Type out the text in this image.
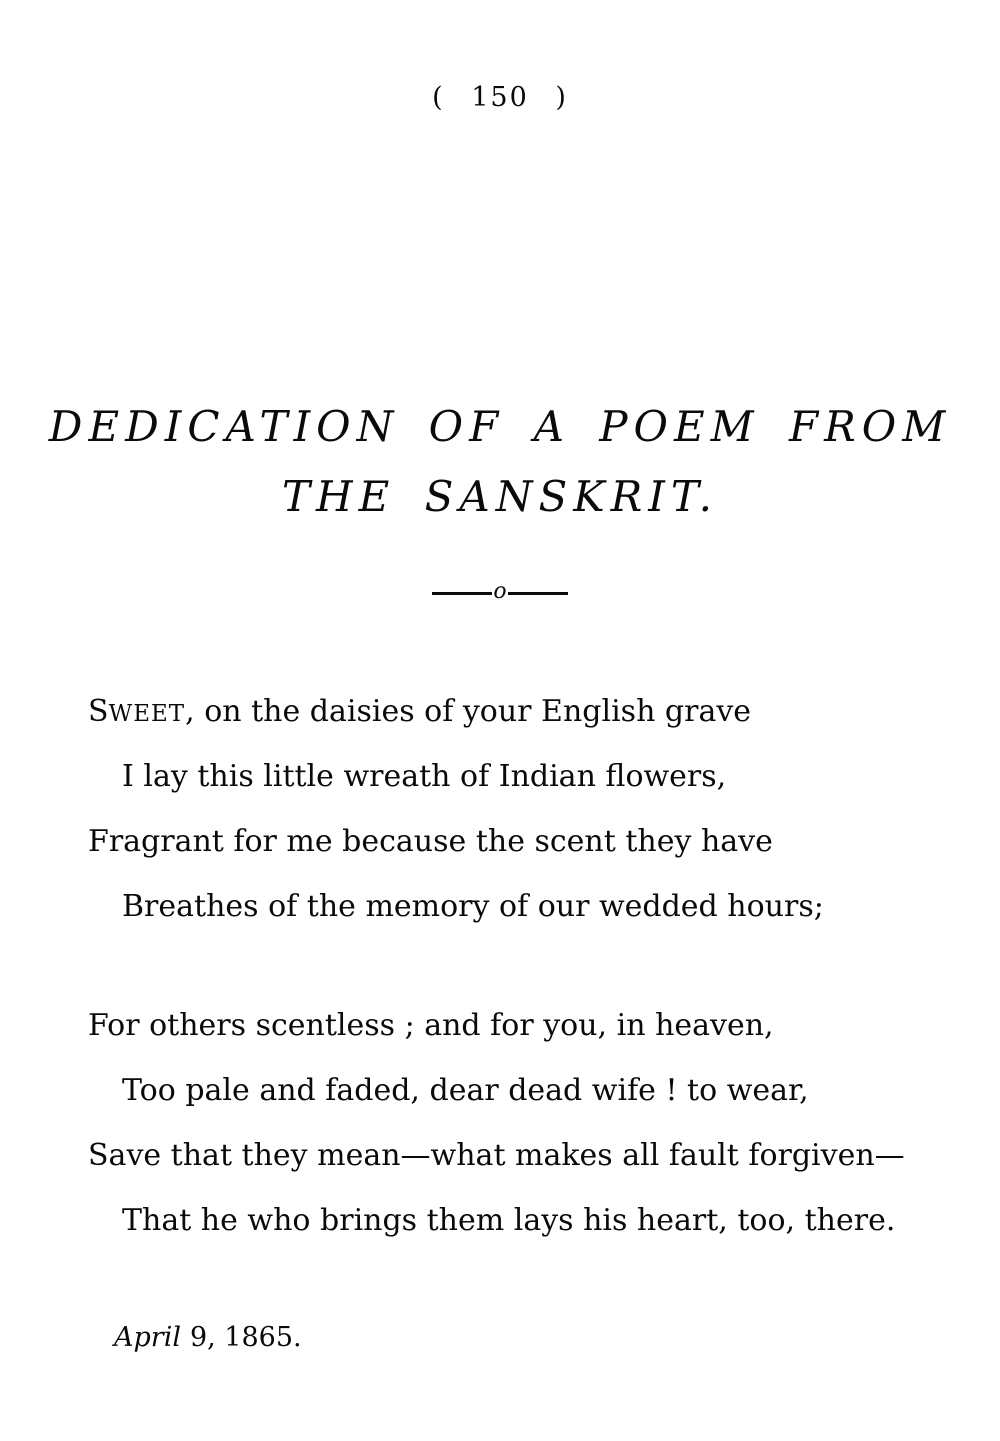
( 150 )
DEDICATION OF A POEM FROM
THE SANSKRIT.
o
SWEET, on the daisies of your English grave
I lay this little wreath of Indian flowers,
Fragrant for me because the scent they have
Breathes of the memory of our wedded hours;
For others scentless ; and for you, in heaven,
Too pale and faded, dear dead wife ! to wear,
Save that they mean—what makes all fault forgiven—
That he who brings them lays his heart, too, there.
April 9, 1865.
